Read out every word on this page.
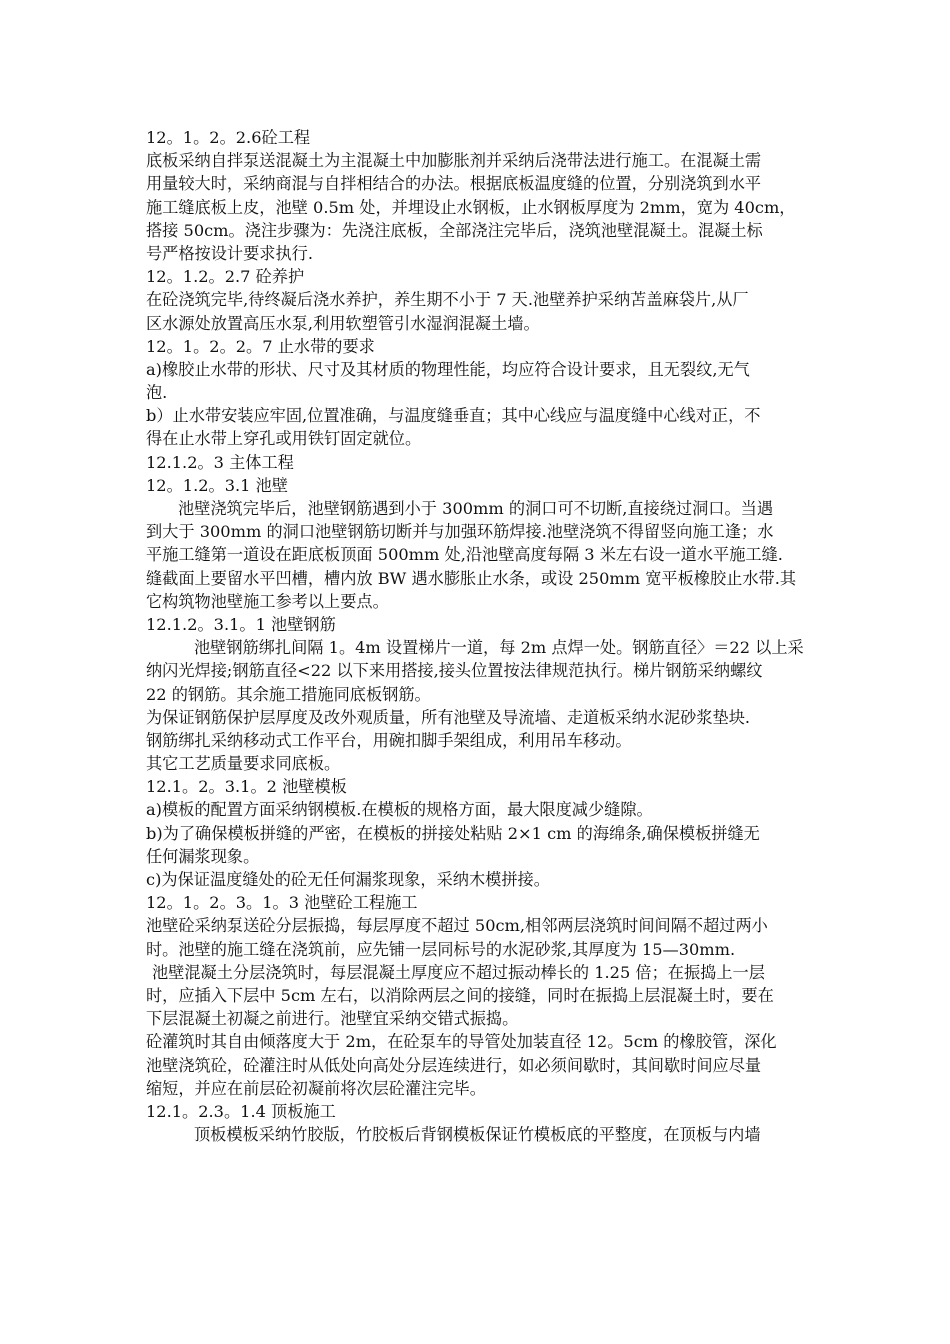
12。1。2。2.6砼工程
底板采纳自拌泵送混凝土为主混凝土中加膨胀剂并采纳后浇带法进行施工。在混凝土需
用量较大时，采纳商混与自拌相结合的办法。根据底板温度缝的位置，分别浇筑到水平
施工缝底板上皮，池壁 0.5m 处，并埋设止水钢板，止水钢板厚度为 2mm，宽为 40cm，
搭接 50cm。浇注步骤为：先浇注底板，全部浇注完毕后，浇筑池壁混凝土。混凝土标
号严格按设计要求执行.
12。1.2。2.7 砼养护
在砼浇筑完毕,待终凝后浇水养护，养生期不小于 7 天.池壁养护采纳苫盖麻袋片,从厂
区水源处放置高压水泵,利用软塑管引水湿润混凝土墙。
12。1。2。2。7 止水带的要求
a)橡胶止水带的形状、尺寸及其材质的物理性能，均应符合设计要求，且无裂纹,无气
泡.
b）止水带安装应牢固,位置准确，与温度缝垂直；其中心线应与温度缝中心线对正，不
得在止水带上穿孔或用铁钉固定就位。
12.1.2。3 主体工程
12。1.2。3.1 池壁
池壁浇筑完毕后，池壁钢筋遇到小于 300mm 的洞口可不切断,直接绕过洞口。当遇
到大于 300mm 的洞口池壁钢筋切断并与加强环筋焊接.池壁浇筑不得留竖向施工逢；水
平施工缝第一道设在距底板顶面 500mm 处,沿池壁高度每隔 3 米左右设一道水平施工缝.
缝截面上要留水平凹槽，槽内放 BW 遇水膨胀止水条，或设 250mm 宽平板橡胶止水带.其
它构筑物池壁施工参考以上要点。
12.1.2。3.1。1 池壁钢筋
池壁钢筋绑扎间隔 1。4m 设置梯片一道，每 2m 点焊一处。钢筋直径〉＝22 以上采
纳闪光焊接;钢筋直径<22 以下来用搭接,接头位置按法律规范执行。梯片钢筋采纳螺纹
22 的钢筋。其余施工措施同底板钢筋。
为保证钢筋保护层厚度及改外观质量，所有池壁及导流墙、走道板采纳水泥砂浆垫块.
钢筋绑扎采纳移动式工作平台，用碗扣脚手架组成，利用吊车移动。
其它工艺质量要求同底板。
12.1。2。3.1。2 池壁模板
a)模板的配置方面采纳钢模板.在模板的规格方面，最大限度减少缝隙。
b)为了确保模板拼缝的严密，在模板的拼接处粘贴 2×1 cm 的海绵条,确保模板拼缝无
任何漏浆现象。
c)为保证温度缝处的砼无任何漏浆现象，采纳木模拼接。
12。1。2。3。1。3 池壁砼工程施工
池壁砼采纳泵送砼分层振捣，每层厚度不超过 50cm,相邻两层浇筑时间间隔不超过两小
时。池壁的施工缝在浇筑前，应先铺一层同标号的水泥砂浆,其厚度为 15—30mm.
池壁混凝土分层浇筑时，每层混凝土厚度应不超过振动棒长的 1.25 倍；在振捣上一层
时，应插入下层中 5cm 左右，以消除两层之间的接缝，同时在振捣上层混凝土时，要在
下层混凝土初凝之前进行。池壁宜采纳交错式振捣。
砼灌筑时其自由倾落度大于 2m，在砼泵车的导管处加装直径 12。5cm 的橡胶管，深化
池壁浇筑砼，砼灌注时从低处向高处分层连续进行，如必须间歇时，其间歇时间应尽量
缩短，并应在前层砼初凝前将次层砼灌注完毕。
12.1。2.3。1.4 顶板施工
顶板模板采纳竹胶版，竹胶板后背钢模板保证竹模板底的平整度，在顶板与内墙
